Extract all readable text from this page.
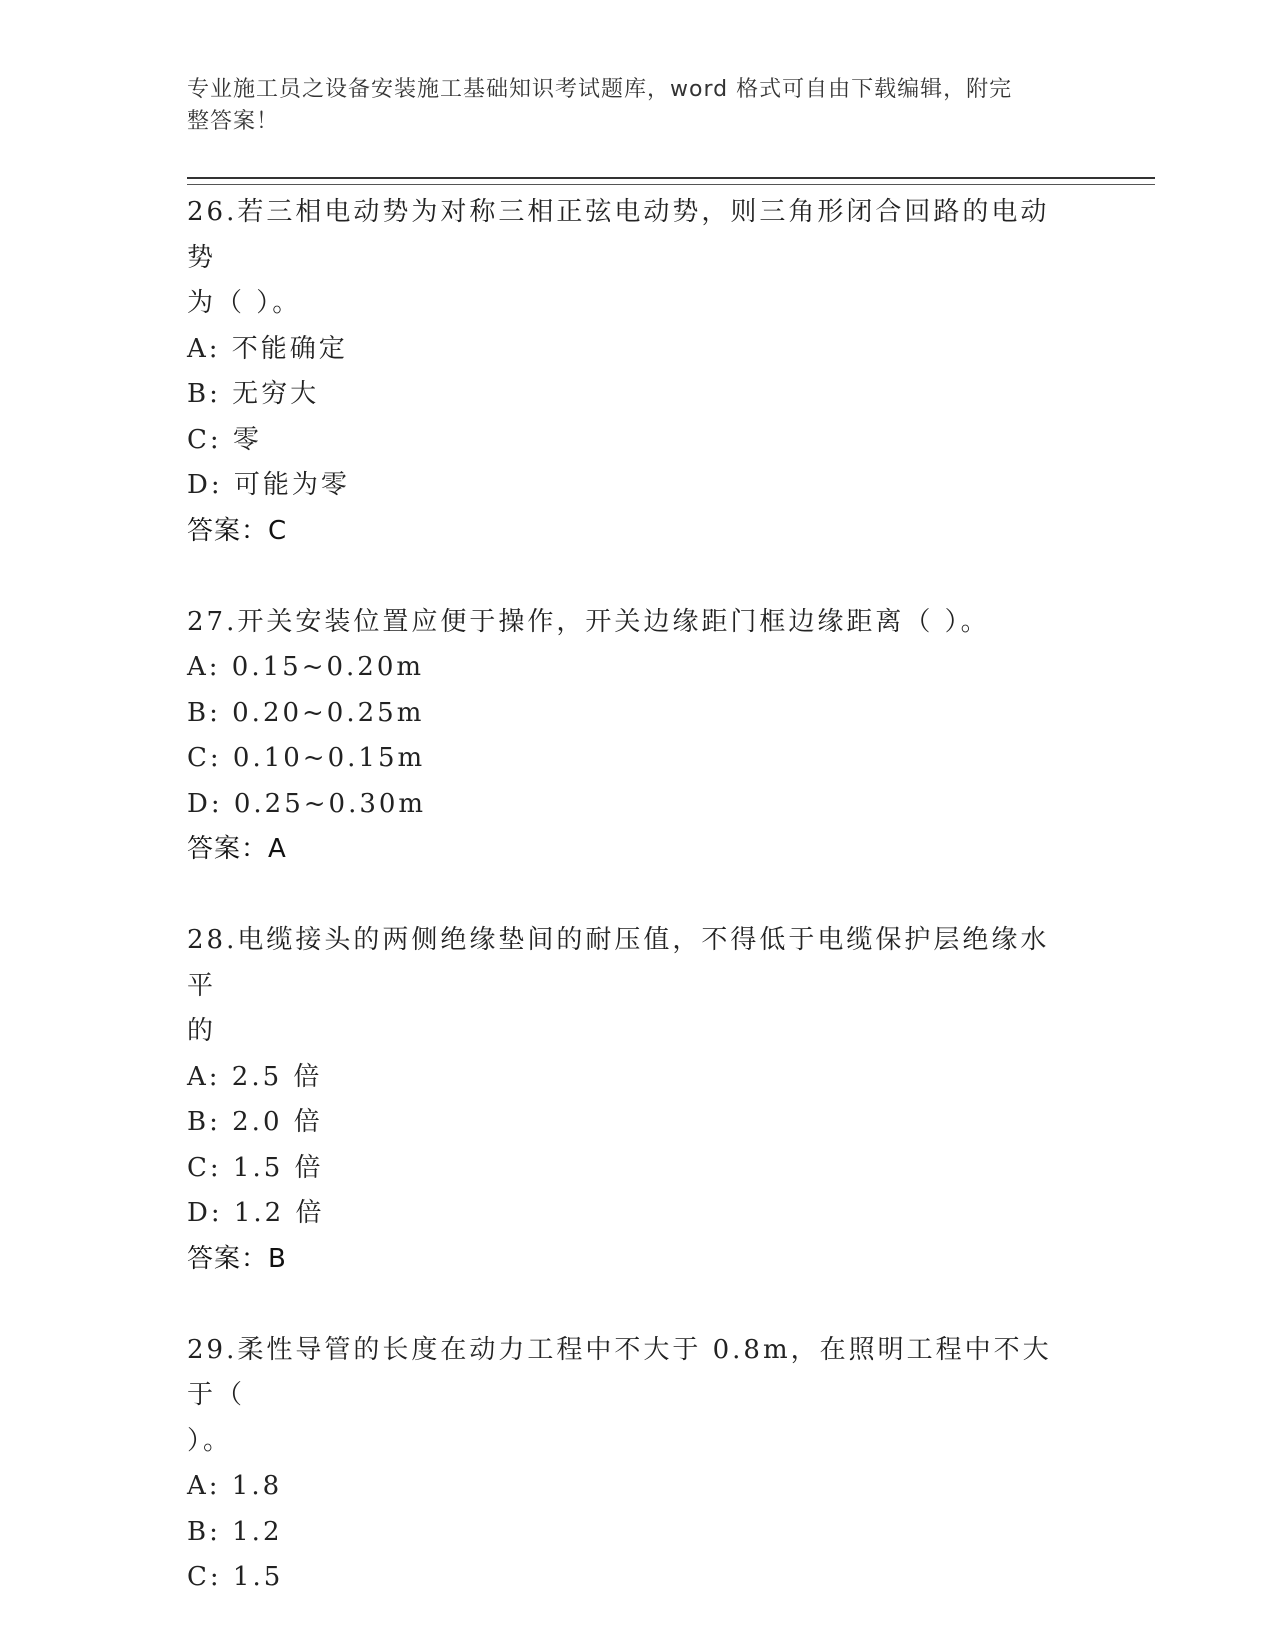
专业施工员之设备安装施工基础知识考试题库，word 格式可自由下载编辑，附完
整答案！
26.若三相电动势为对称三相正弦电动势，则三角形闭合回路的电动势
为（ ）。
A: 不能确定
B: 无穷大
C: 零
D: 可能为零
答案：C
27.开关安装位置应便于操作，开关边缘距门框边缘距离（ ）。
A: 0.15~0.20m
B: 0.20~0.25m
C: 0.10~0.15m
D: 0.25~0.30m
答案：A
28.电缆接头的两侧绝缘垫间的耐压值，不得低于电缆保护层绝缘水平
的
A: 2.5 倍
B: 2.0 倍
C: 1.5 倍
D: 1.2 倍
答案：B
29.柔性导管的长度在动力工程中不大于 0.8m，在照明工程中不大于（
）。
A: 1.8
B: 1.2
C: 1.5
